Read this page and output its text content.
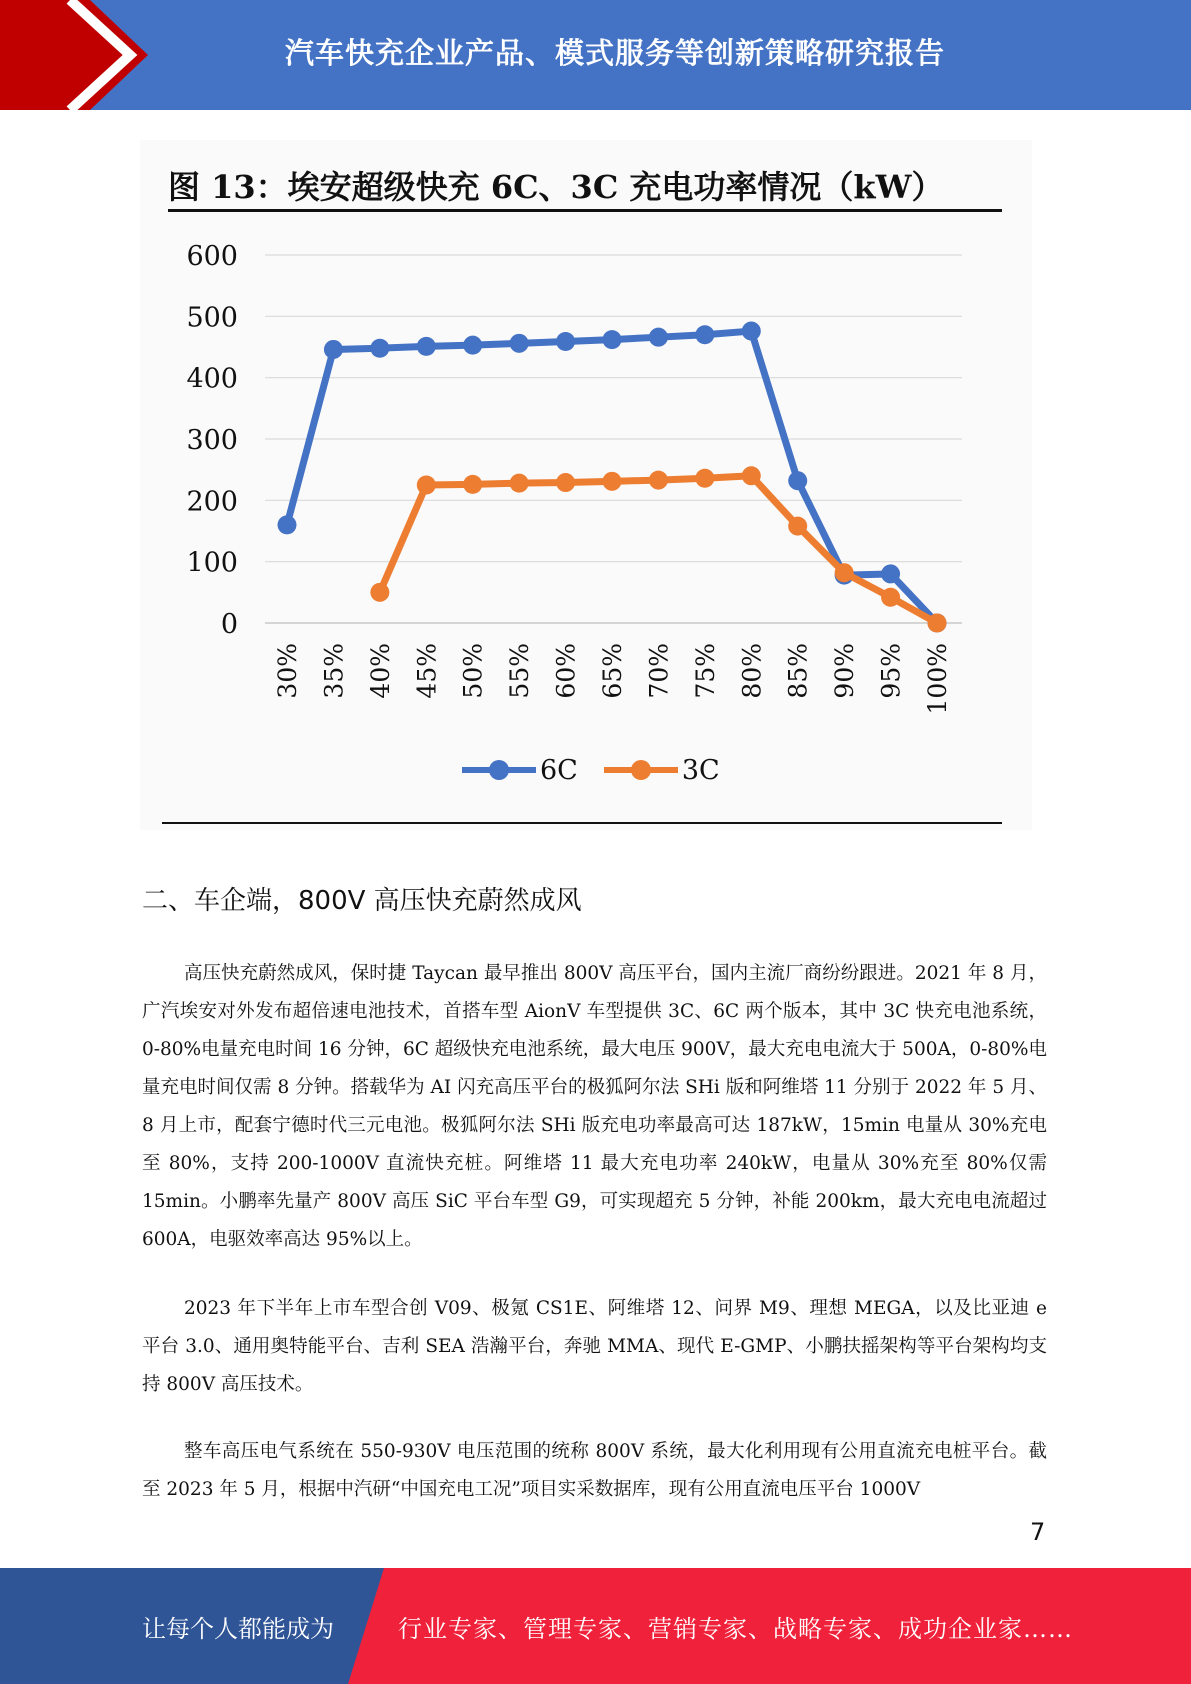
汽车快充企业产品、模式服务等创新策略研究报告
图 13：埃安超级快充 6C、3C 充电功率情况（kW）
600
500
400
300
200
100
0
30% 35% 40% 45% 50% 55% 60% 65% 70% 75% 80% 85% 90% 95% 100%
6C	3C
二、车企端，800V 高压快充蔚然成风

高压快充蔚然成风，保时捷 Taycan 最早推出 800V 高压平台，国内主流厂商纷纷跟进。2021 年 8 月，广汽埃安对外发布超倍速电池技术，首搭车型 AionV 车型提供 3C、6C 两个版本，其中 3C 快充电池系统，0-80%电量充电时间 16 分钟，6C 超级快充电池系统，最大电压 900V，最大充电电流大于 500A，0-80%电量充电时间仅需 8 分钟。搭载华为 AI 闪充高压平台的极狐阿尔法 SHi 版和阿维塔 11 分别于 2022 年 5 月、8 月上市，配套宁德时代三元电池。极狐阿尔法 SHi 版充电功率最高可达 187kW，15min 电量从 30%充电至 80%，支持 200-1000V 直流快充桩。阿维塔 11 最大充电功率 240kW，电量从 30%充至 80%仅需 15min。小鹏率先量产 800V 高压 SiC 平台车型 G9，可实现超充 5 分钟，补能 200km，最大充电电流超过 600A，电驱效率高达 95%以上。

2023 年下半年上市车型合创 V09、极氪 CS1E、阿维塔 12、问界 M9、理想 MEGA，以及比亚迪 e 平台 3.0、通用奥特能平台、吉利 SEA 浩瀚平台，奔驰 MMA、现代 E-GMP、小鹏扶摇架构等平台架构均支持 800V 高压技术。

整车高压电气系统在 550-930V 电压范围的统称 800V 系统，最大化利用现有公用直流充电桩平台。截至 2023 年 5 月，根据中汽研“中国充电工况”项目实采数据库，现有公用直流电压平台 1000V

7
让每个人都能成为	行业专家、管理专家、营销专家、战略专家、成功企业家……
